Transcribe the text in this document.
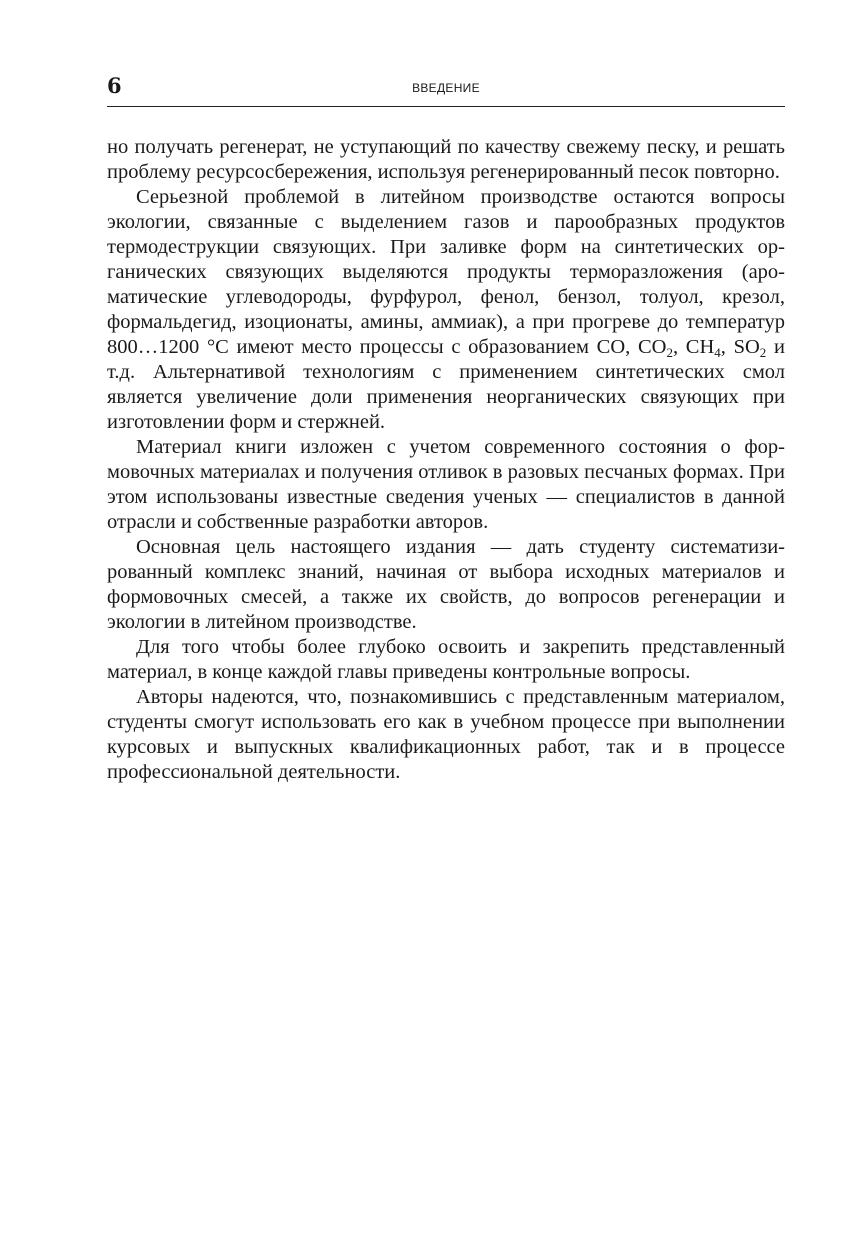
6	ВВЕДЕНИЕ

но получать регенерат, не уступающий по качеству свежему песку, и решать проблему ресурсосбережения, используя регенерированный песок повторно.

Серьезной проблемой в литейном производстве остаются вопросы экологии, связанные с выделением газов и парообразных продуктов термодеструкции связующих. При заливке форм на синтетических органических связующих выделяются продукты терморазложения (ароматические углеводороды, фурфурол, фенол, бензол, толуол, крезол, формальдегид, изоционаты, амины, аммиак), а при прогреве до температур 800…1200 °С имеют место процессы с образованием CO, $CO_2$, $CH_4$, $SO_2$ и т.д. Альтернативой технологиям с применением синтетических смол является увеличение доли применения неорганических связующих при изготовлении форм и стержней.

Материал книги изложен с учетом современного состояния о формовочных материалах и получения отливок в разовых песчаных формах. При этом использованы известные сведения ученых — специалистов в данной отрасли и собственные разработки авторов.

Основная цель настоящего издания — дать студенту систематизированный комплекс знаний, начиная от выбора исходных материалов и формовочных смесей, а также их свойств, до вопросов регенерации и экологии в литейном производстве.

Для того чтобы более глубоко освоить и закрепить представленный материал, в конце каждой главы приведены контрольные вопросы.

Авторы надеются, что, познакомившись с представленным материалом, студенты смогут использовать его как в учебном процессе при выполнении курсовых и выпускных квалификационных работ, так и в процессе профессиональной деятельности.
